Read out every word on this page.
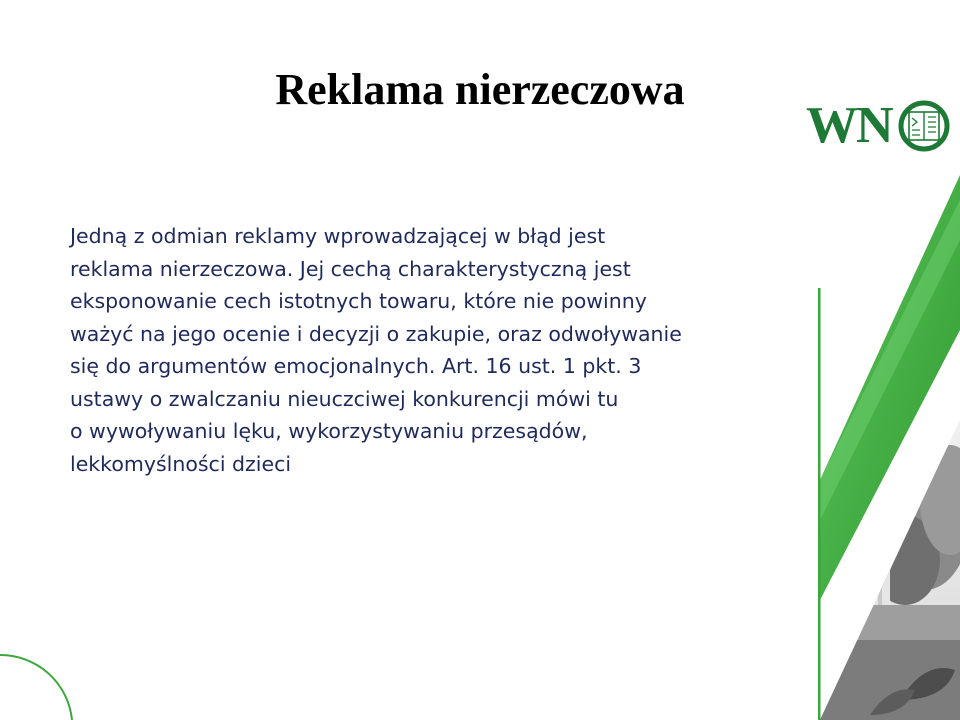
Reklama nierzeczowa

Jedną z odmian reklamy wprowadzającej w błąd jest
reklama nierzeczowa. Jej cechą charakterystyczną jest
eksponowanie cech istotnych towaru, które nie powinny
ważyć na jego ocenie i decyzji o zakupie, oraz odwoływanie
się do argumentów emocjonalnych. Art. 16 ust. 1 pkt. 3
ustawy o zwalczaniu nieuczciwej konkurencji mówi tu
o wywoływaniu lęku, wykorzystywaniu przesądów,
lekkomyślności dzieci

WN
